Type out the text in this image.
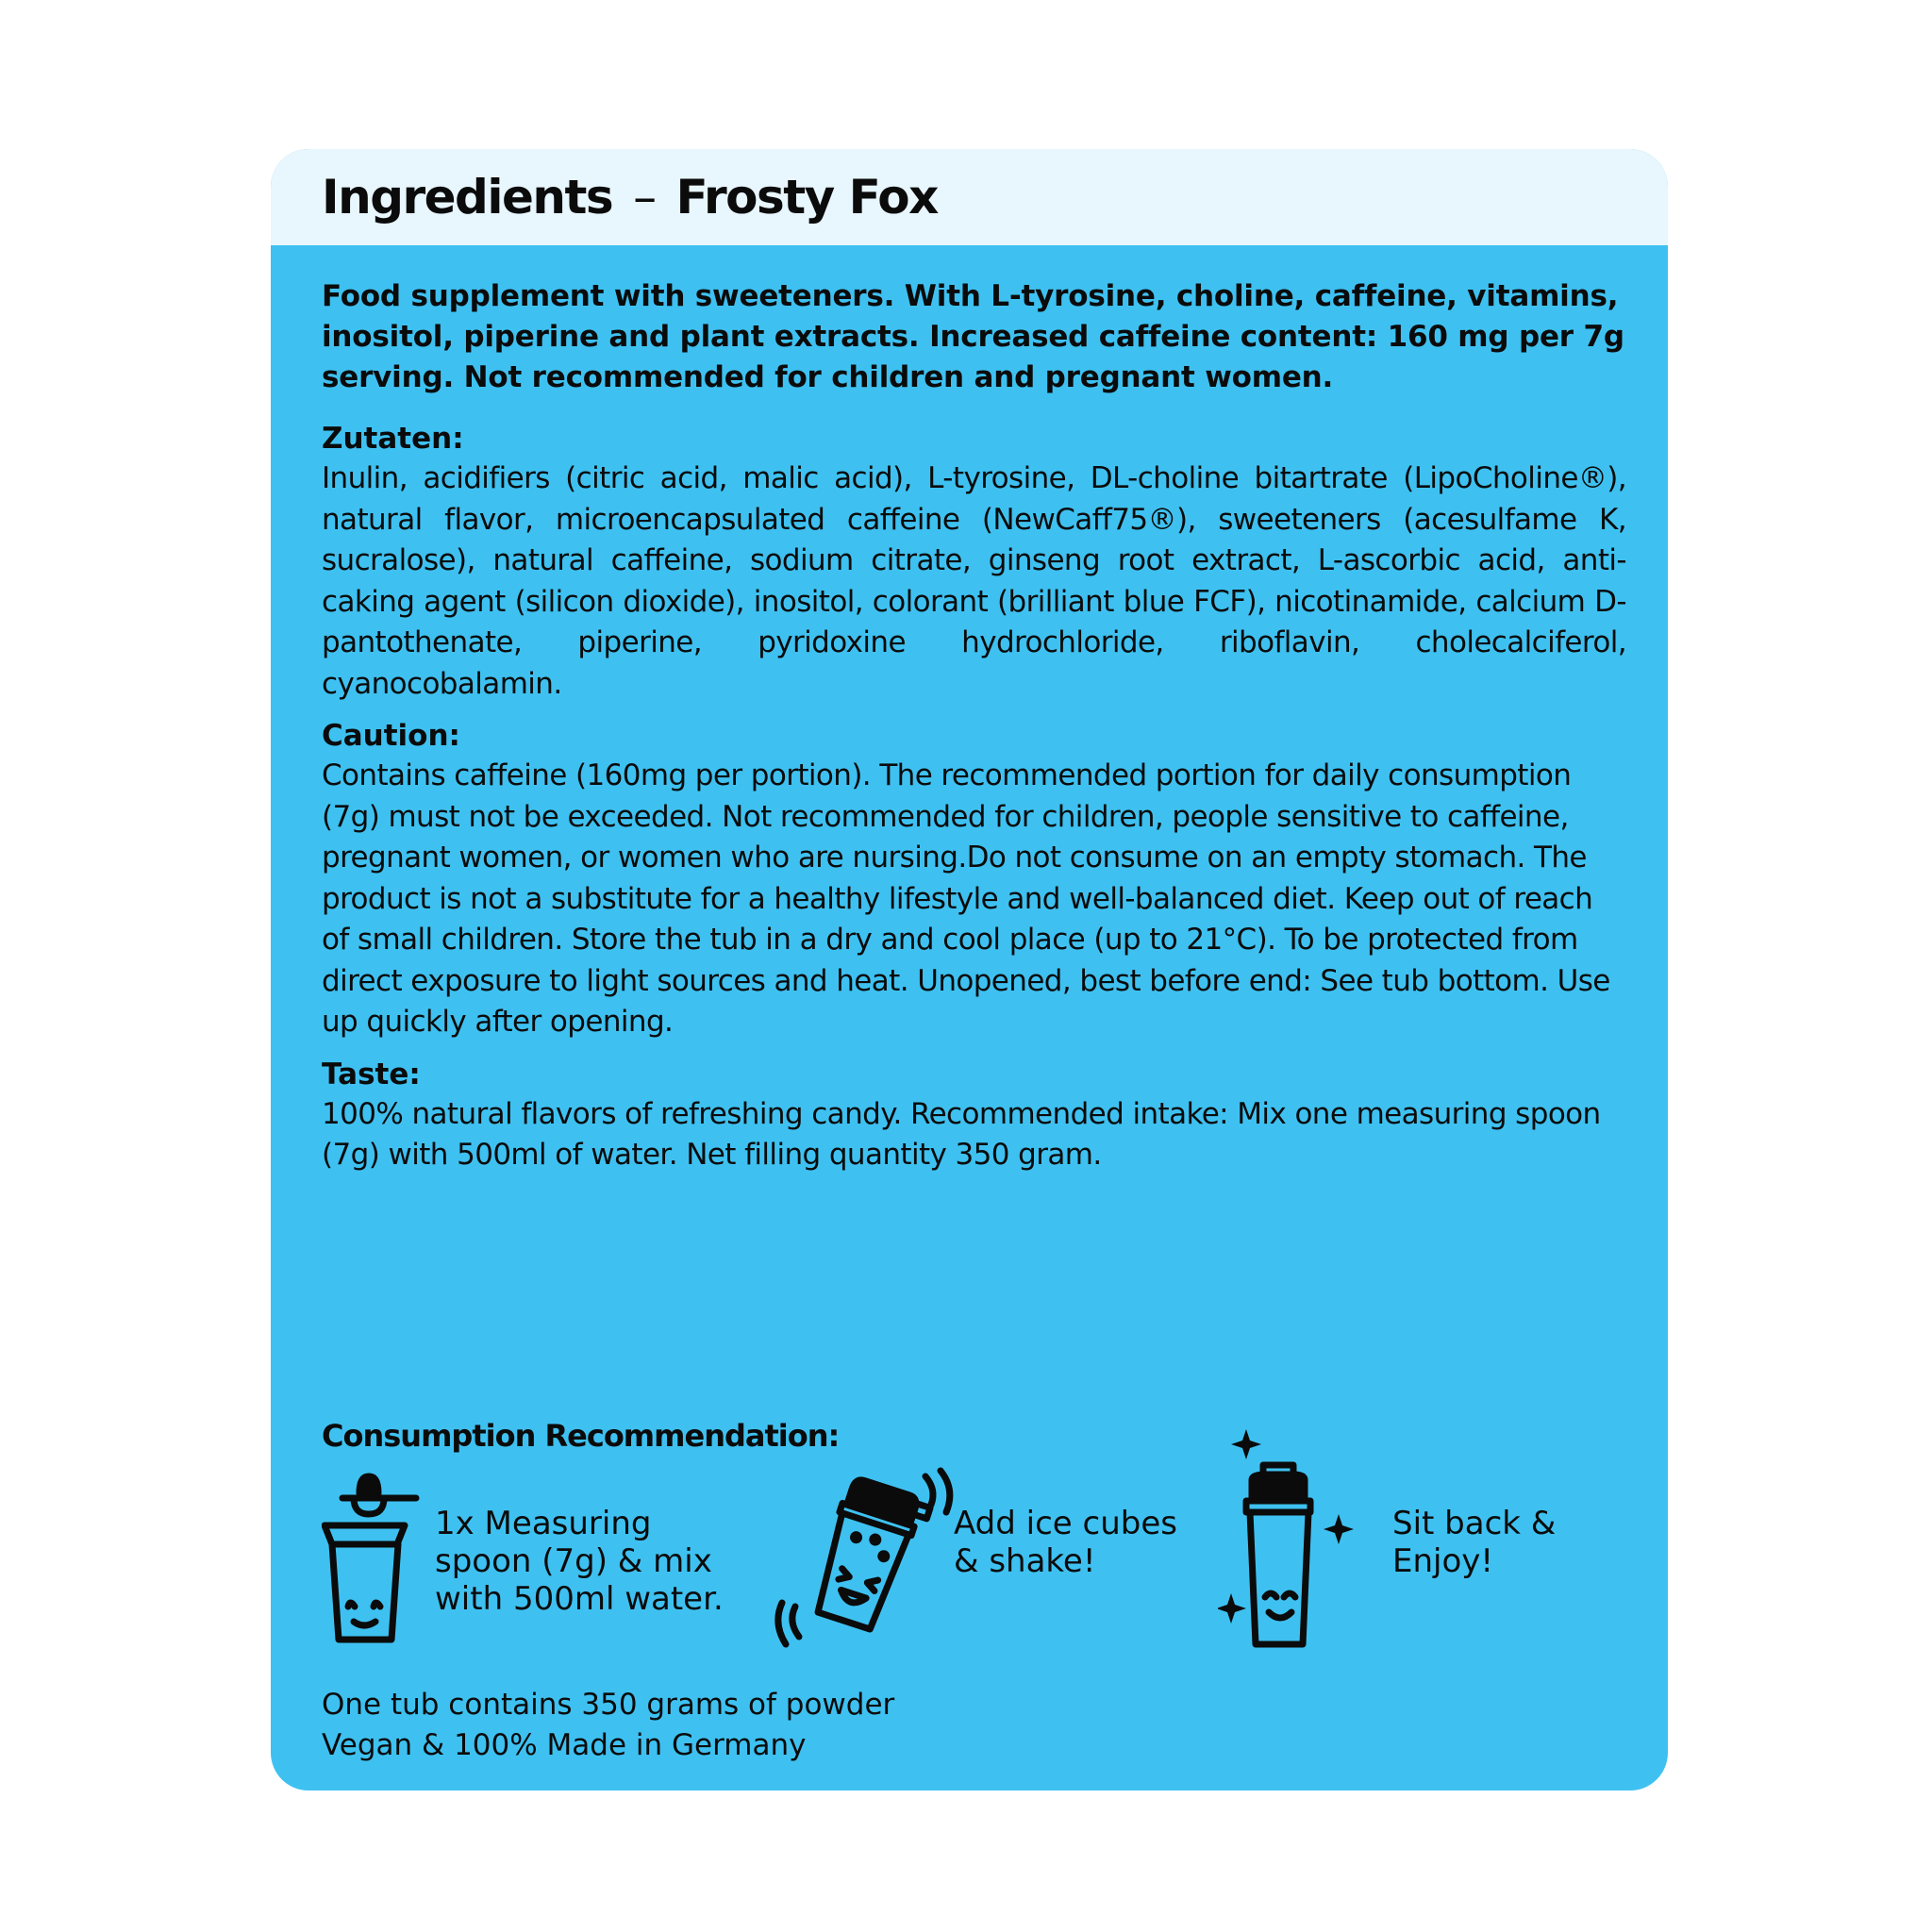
Ingredients – Frosty Fox

Food supplement with sweeteners. With L-tyrosine, choline, caffeine, vitamins, inositol, piperine and plant extracts. Increased caffeine content: 160 mg per 7g serving. Not recommended for children and pregnant women.

Zutaten:

Inulin, acidifiers (citric acid, malic acid), L-tyrosine, DL-choline bitartrate (LipoCholine®), natural flavor, microencapsulated caffeine (NewCaff75®), sweeteners (acesulfame K, sucralose), natural caffeine, sodium citrate, ginseng root extract, L-ascorbic acid, anti-caking agent (silicon dioxide), inositol, colorant (brilliant blue FCF), nicotinamide, calcium D-pantothenate, piperine, pyridoxine hydrochloride, riboflavin, cholecalciferol, cyanocobalamin.

Caution:

Contains caffeine (160mg per portion). The recommended portion for daily consumption (7g) must not be exceeded. Not recommended for children, people sensitive to caffeine, pregnant women, or women who are nursing.Do not consume on an empty stomach. The product is not a substitute for a healthy lifestyle and well-balanced diet. Keep out of reach of small children. Store the tub in a dry and cool place (up to 21°C). To be protected from direct exposure to light sources and heat. Unopened, best before end: See tub bottom. Use up quickly after opening.

Taste:

100% natural flavors of refreshing candy. Recommended intake: Mix one measuring spoon (7g) with 500ml of water. Net filling quantity 350 gram.

Consumption Recommendation:

1x Measuring
spoon (7g) & mix
with 500ml water.

Add ice cubes
& shake!

Sit back &
Enjoy!

One tub contains 350 grams of powder

Vegan & 100% Made in Germany
